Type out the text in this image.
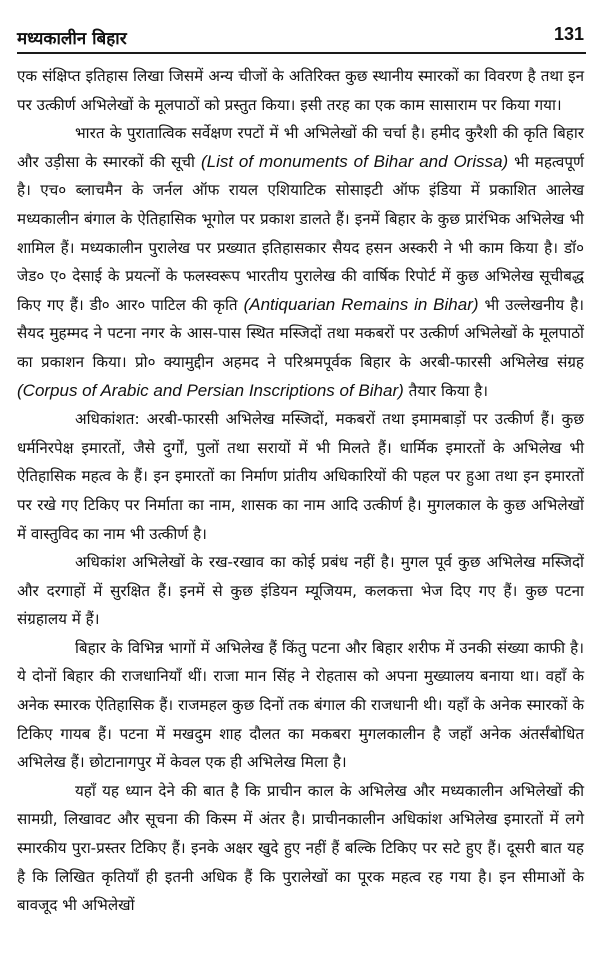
मध्यकालीन बिहार	131

एक संक्षिप्त इतिहास लिखा जिसमें अन्य चीजों के अतिरिक्त कुछ स्थानीय स्मारकों का विवरण है तथा इन पर उत्कीर्ण अभिलेखों के मूलपाठों को प्रस्तुत किया। इसी तरह का एक काम सासाराम पर किया गया।

भारत के पुरातात्विक सर्वेक्षण रपटों में भी अभिलेखों की चर्चा है। हमीद कुरैशी की कृति बिहार और उड़ीसा के स्मारकों की सूची (List of monuments of Bihar and Orissa) भी महत्वपूर्ण है। एच० ब्लाचमैन के जर्नल ऑफ रायल एशियाटिक सोसाइटी ऑफ इंडिया में प्रकाशित आलेख मध्यकालीन बंगाल के ऐतिहासिक भूगोल पर प्रकाश डालते हैं। इनमें बिहार के कुछ प्रारंभिक अभिलेख भी शामिल हैं। मध्यकालीन पुरालेख पर प्रख्यात इतिहासकार सैयद हसन अस्करी ने भी काम किया है। डॉ० जेड० ए० देसाई के प्रयत्नों के फलस्वरूप भारतीय पुरालेख की वार्षिक रिपोर्ट में कुछ अभिलेख सूचीबद्ध किए गए हैं। डी० आर० पाटिल की कृति (Antiquarian Remains in Bihar) भी उल्लेखनीय है। सैयद मुहम्मद ने पटना नगर के आस-पास स्थित मस्जिदों तथा मकबरों पर उत्कीर्ण अभिलेखों के मूलपाठों का प्रकाशन किया। प्रो० क्यामुद्दीन अहमद ने परिश्रमपूर्वक बिहार के अरबी-फारसी अभिलेख संग्रह (Corpus of Arabic and Persian Inscriptions of Bihar) तैयार किया है।

अधिकांशत: अरबी-फारसी अभिलेख मस्जिदों, मकबरों तथा इमामबाड़ों पर उत्कीर्ण हैं। कुछ धर्मनिरपेक्ष इमारतों, जैसे दुर्गों, पुलों तथा सरायों में भी मिलते हैं। धार्मिक इमारतों के अभिलेख भी ऐतिहासिक महत्व के हैं। इन इमारतों का निर्माण प्रांतीय अधिकारियों की पहल पर हुआ तथा इन इमारतों पर रखे गए टिकिए पर निर्माता का नाम, शासक का नाम आदि उत्कीर्ण है। मुगलकाल के कुछ अभिलेखों में वास्तुविद का नाम भी उत्कीर्ण है।

अधिकांश अभिलेखों के रख-रखाव का कोई प्रबंध नहीं है। मुगल पूर्व कुछ अभिलेख मस्जिदों और दरगाहों में सुरक्षित हैं। इनमें से कुछ इंडियन म्यूजियम, कलकत्ता भेज दिए गए हैं। कुछ पटना संग्रहालय में हैं।

बिहार के विभिन्न भागों में अभिलेख हैं किंतु पटना और बिहार शरीफ में उनकी संख्या काफी है। ये दोनों बिहार की राजधानियाँ थीं। राजा मान सिंह ने रोहतास को अपना मुख्यालय बनाया था। वहाँ के अनेक स्मारक ऐतिहासिक हैं। राजमहल कुछ दिनों तक बंगाल की राजधानी थी। यहाँ के अनेक स्मारकों के टिकिए गायब हैं। पटना में मखदुम शाह दौलत का मकबरा मुगलकालीन है जहाँ अनेक अंतर्संबोधित अभिलेख हैं। छोटानागपुर में केवल एक ही अभिलेख मिला है।

यहाँ यह ध्यान देने की बात है कि प्राचीन काल के अभिलेख और मध्यकालीन अभिलेखों की सामग्री, लिखावट और सूचना की किस्म में अंतर है। प्राचीनकालीन अधिकांश अभिलेख इमारतों में लगे स्मारकीय पुरा-प्रस्तर टिकिए हैं। इनके अक्षर खुदे हुए नहीं हैं बल्कि टिकिए पर सटे हुए हैं। दूसरी बात यह है कि लिखित कृतियाँ ही इतनी अधिक हैं कि पुरालेखों का पूरक महत्व रह गया है। इन सीमाओं के बावजूद भी अभिलेखों
